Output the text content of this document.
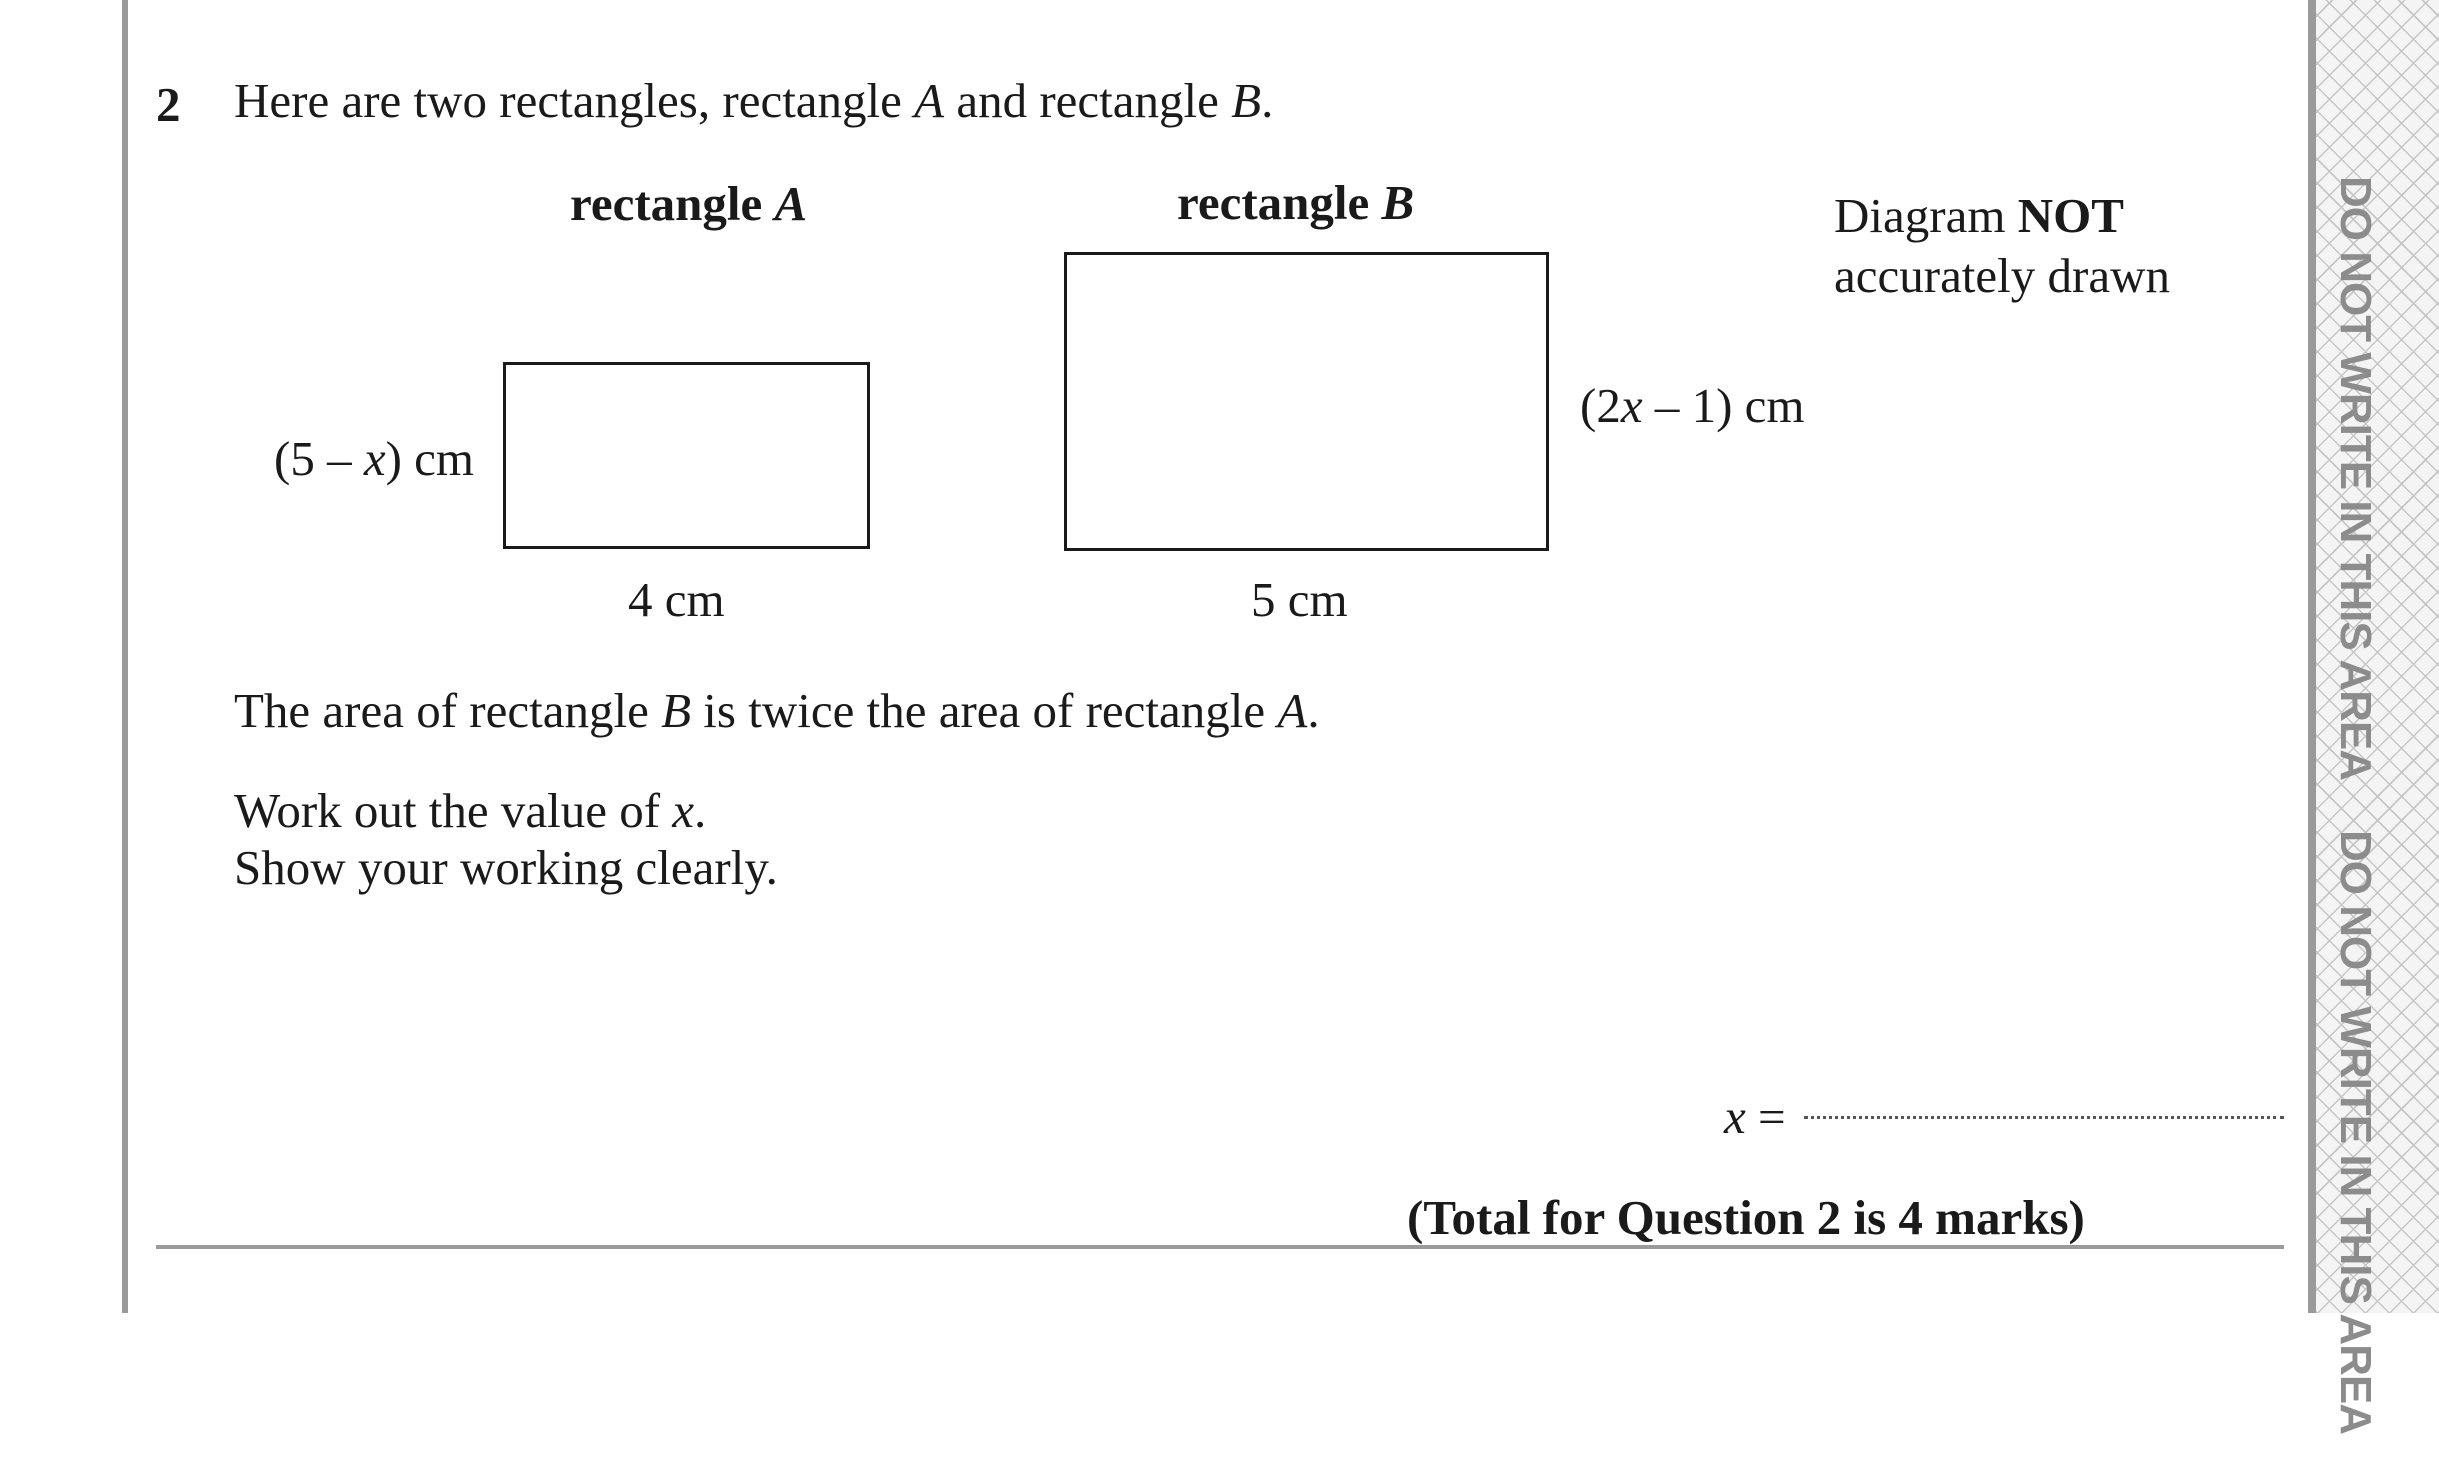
DO NOT WRITE IN THIS AREADO NOT WRITE IN THIS AREA
2 Here are two rectangles, rectangle A and rectangle B.
rectangle A	rectangle B
(5 – x) cm
4 cm
(2x – 1) cm
5 cm
Diagram NOT
accurately drawn
The area of rectangle B is twice the area of rectangle A.
Work out the value of x.
Show your working clearly.
x =
(Total for Question 2 is 4 marks)
